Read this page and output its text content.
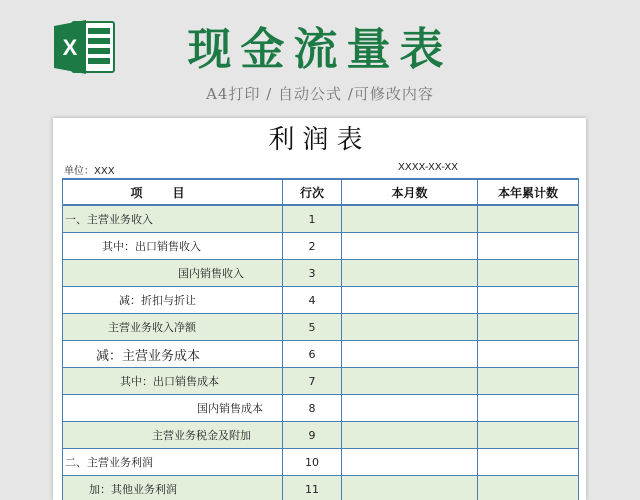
X	现金流量表
A4打印 / 自动公式 /可修改内容
利润表
单位：XXX	XXXX-XX-XX
项目	行次	本月数	本年累计数
一、主营业务收入	1		
其中：出口销售收入	2		
国内销售收入	3		
减：折扣与折让	4		
主营业务收入净额	5		
减：主营业务成本	6		
其中：出口销售成本	7		
国内销售成本	8		
主营业务税金及附加	9		
二、主营业务利润	10		
加：其他业务利润	11		
